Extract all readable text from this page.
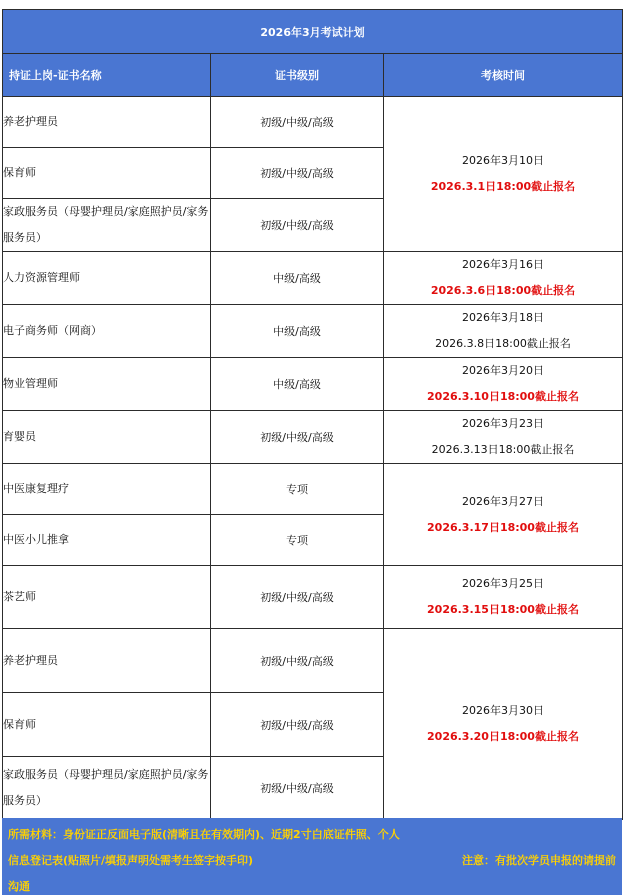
2026年3月考试计划		
持证上岗-证书名称	证书级别	考核时间
养老护理员	初级/中级/高级	2026年3月10日
2026.3.1日18:00截止报名

保育师	初级/中级/高级	
家政服务员（母婴护理员/家庭照护员/家务服务员）	初级/中级/高级	
人力资源管理师	中级/高级	2026年3月16日
2026.3.6日18:00截止报名

电子商务师（网商）	中级/高级	2026年3月18日
2026.3.8日18:00截止报名

物业管理师	中级/高级	2026年3月20日
2026.3.10日18:00截止报名

育婴员	初级/中级/高级	2026年3月23日
2026.3.13日18:00截止报名

中医康复理疗	专项	2026年3月27日
2026.3.17日18:00截止报名

中医小儿推拿	专项	
茶艺师	初级/中级/高级	2026年3月25日
2026.3.15日18:00截止报名

养老护理员	初级/中级/高级	2026年3月30日
2026.3.20日18:00截止报名

保育师	初级/中级/高级	
家政服务员（母婴护理员/家庭照护员/家务服务员）	初级/中级/高级	
所需材料：身份证正反面电子版(清晰且在有效期内)、近期2寸白底证件照、个人
信息登记表(贴照片/填报声明处需考生签字按手印)
沟通
注意：有批次学员申报的请提前
